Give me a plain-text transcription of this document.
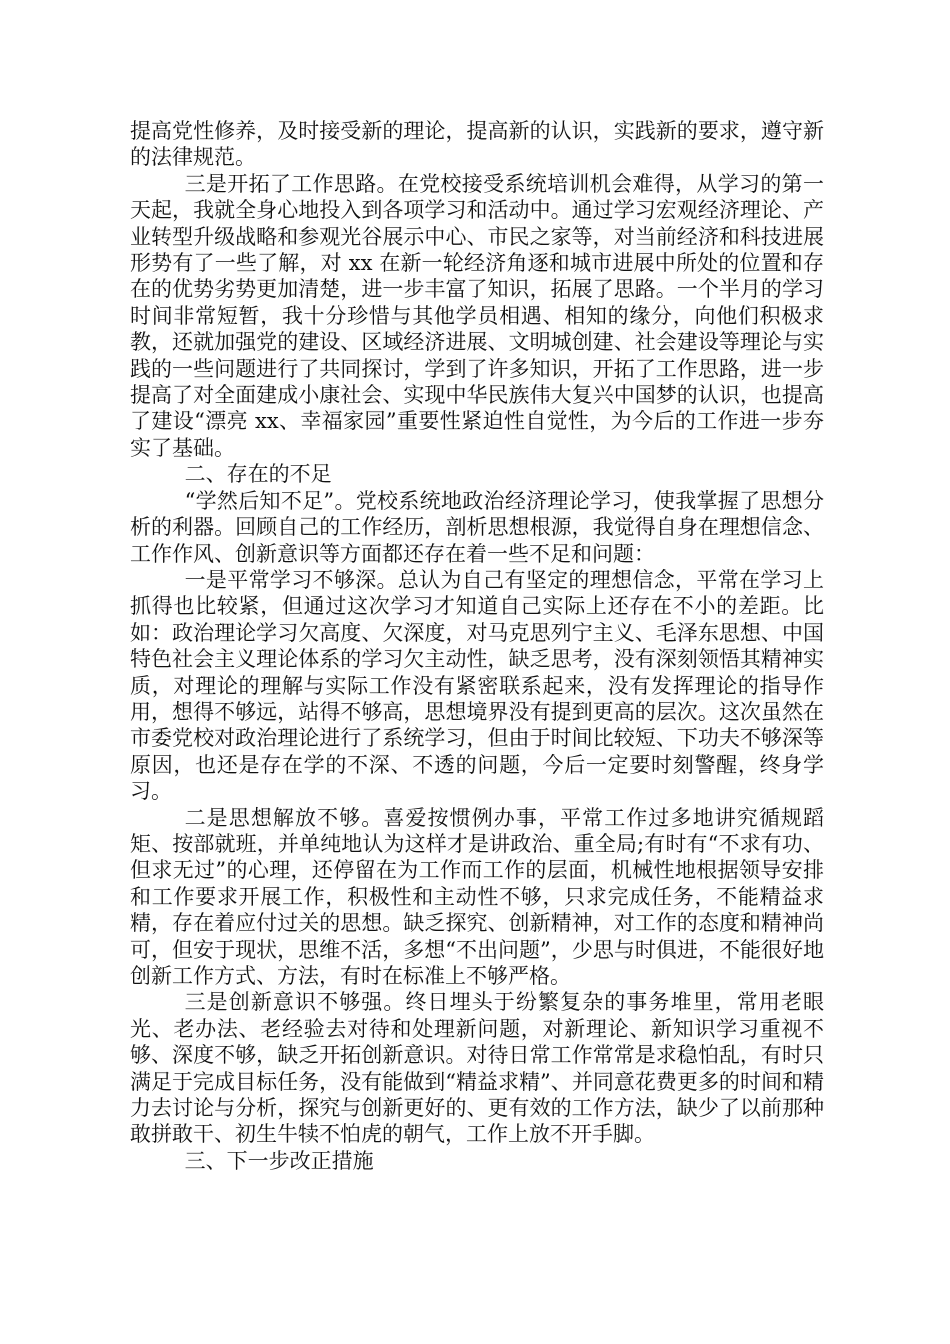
提高党性修养，及时接受新的理论，提高新的认识，实践新的要求，遵守新的法律规范。

三是开拓了工作思路。在党校接受系统培训机会难得，从学习的第一天起，我就全身心地投入到各项学习和活动中。通过学习宏观经济理论、产业转型升级战略和参观光谷展示中心、市民之家等，对当前经济和科技进展形势有了一些了解，对 xx 在新一轮经济角逐和城市进展中所处的位置和存在的优势劣势更加清楚，进一步丰富了知识，拓展了思路。一个半月的学习时间非常短暂，我十分珍惜与其他学员相遇、相知的缘分，向他们积极求教，还就加强党的建设、区域经济进展、文明城创建、社会建设等理论与实践的一些问题进行了共同探讨，学到了许多知识，开拓了工作思路，进一步提高了对全面建成小康社会、实现中华民族伟大复兴中国梦的认识，也提高了建设“漂亮 xx、幸福家园”重要性紧迫性自觉性，为今后的工作进一步夯实了基础。

二、存在的不足

“学然后知不足”。党校系统地政治经济理论学习，使我掌握了思想分析的利器。回顾自己的工作经历，剖析思想根源，我觉得自身在理想信念、工作作风、创新意识等方面都还存在着一些不足和问题：

一是平常学习不够深。总认为自己有坚定的理想信念，平常在学习上抓得也比较紧，但通过这次学习才知道自己实际上还存在不小的差距。比如：政治理论学习欠高度、欠深度，对马克思列宁主义、毛泽东思想、中国特色社会主义理论体系的学习欠主动性，缺乏思考，没有深刻领悟其精神实质，对理论的理解与实际工作没有紧密联系起来，没有发挥理论的指导作用，想得不够远，站得不够高，思想境界没有提到更高的层次。这次虽然在市委党校对政治理论进行了系统学习，但由于时间比较短、下功夫不够深等原因，也还是存在学的不深、不透的问题，今后一定要时刻警醒，终身学习。

二是思想解放不够。喜爱按惯例办事，平常工作过多地讲究循规蹈矩、按部就班，并单纯地认为这样才是讲政治、重全局;有时有“不求有功、但求无过”的心理，还停留在为工作而工作的层面，机械性地根据领导安排和工作要求开展工作，积极性和主动性不够，只求完成任务，不能精益求精，存在着应付过关的思想。缺乏探究、创新精神，对工作的态度和精神尚可，但安于现状，思维不活，多想“不出问题”，少思与时俱进，不能很好地创新工作方式、方法，有时在标准上不够严格。

三是创新意识不够强。终日埋头于纷繁复杂的事务堆里，常用老眼光、老办法、老经验去对待和处理新问题，对新理论、新知识学习重视不够、深度不够，缺乏开拓创新意识。对待日常工作常常是求稳怕乱，有时只满足于完成目标任务，没有能做到“精益求精”、并同意花费更多的时间和精力去讨论与分析，探究与创新更好的、更有效的工作方法，缺少了以前那种敢拼敢干、初生牛犊不怕虎的朝气，工作上放不开手脚。

三、下一步改正措施
